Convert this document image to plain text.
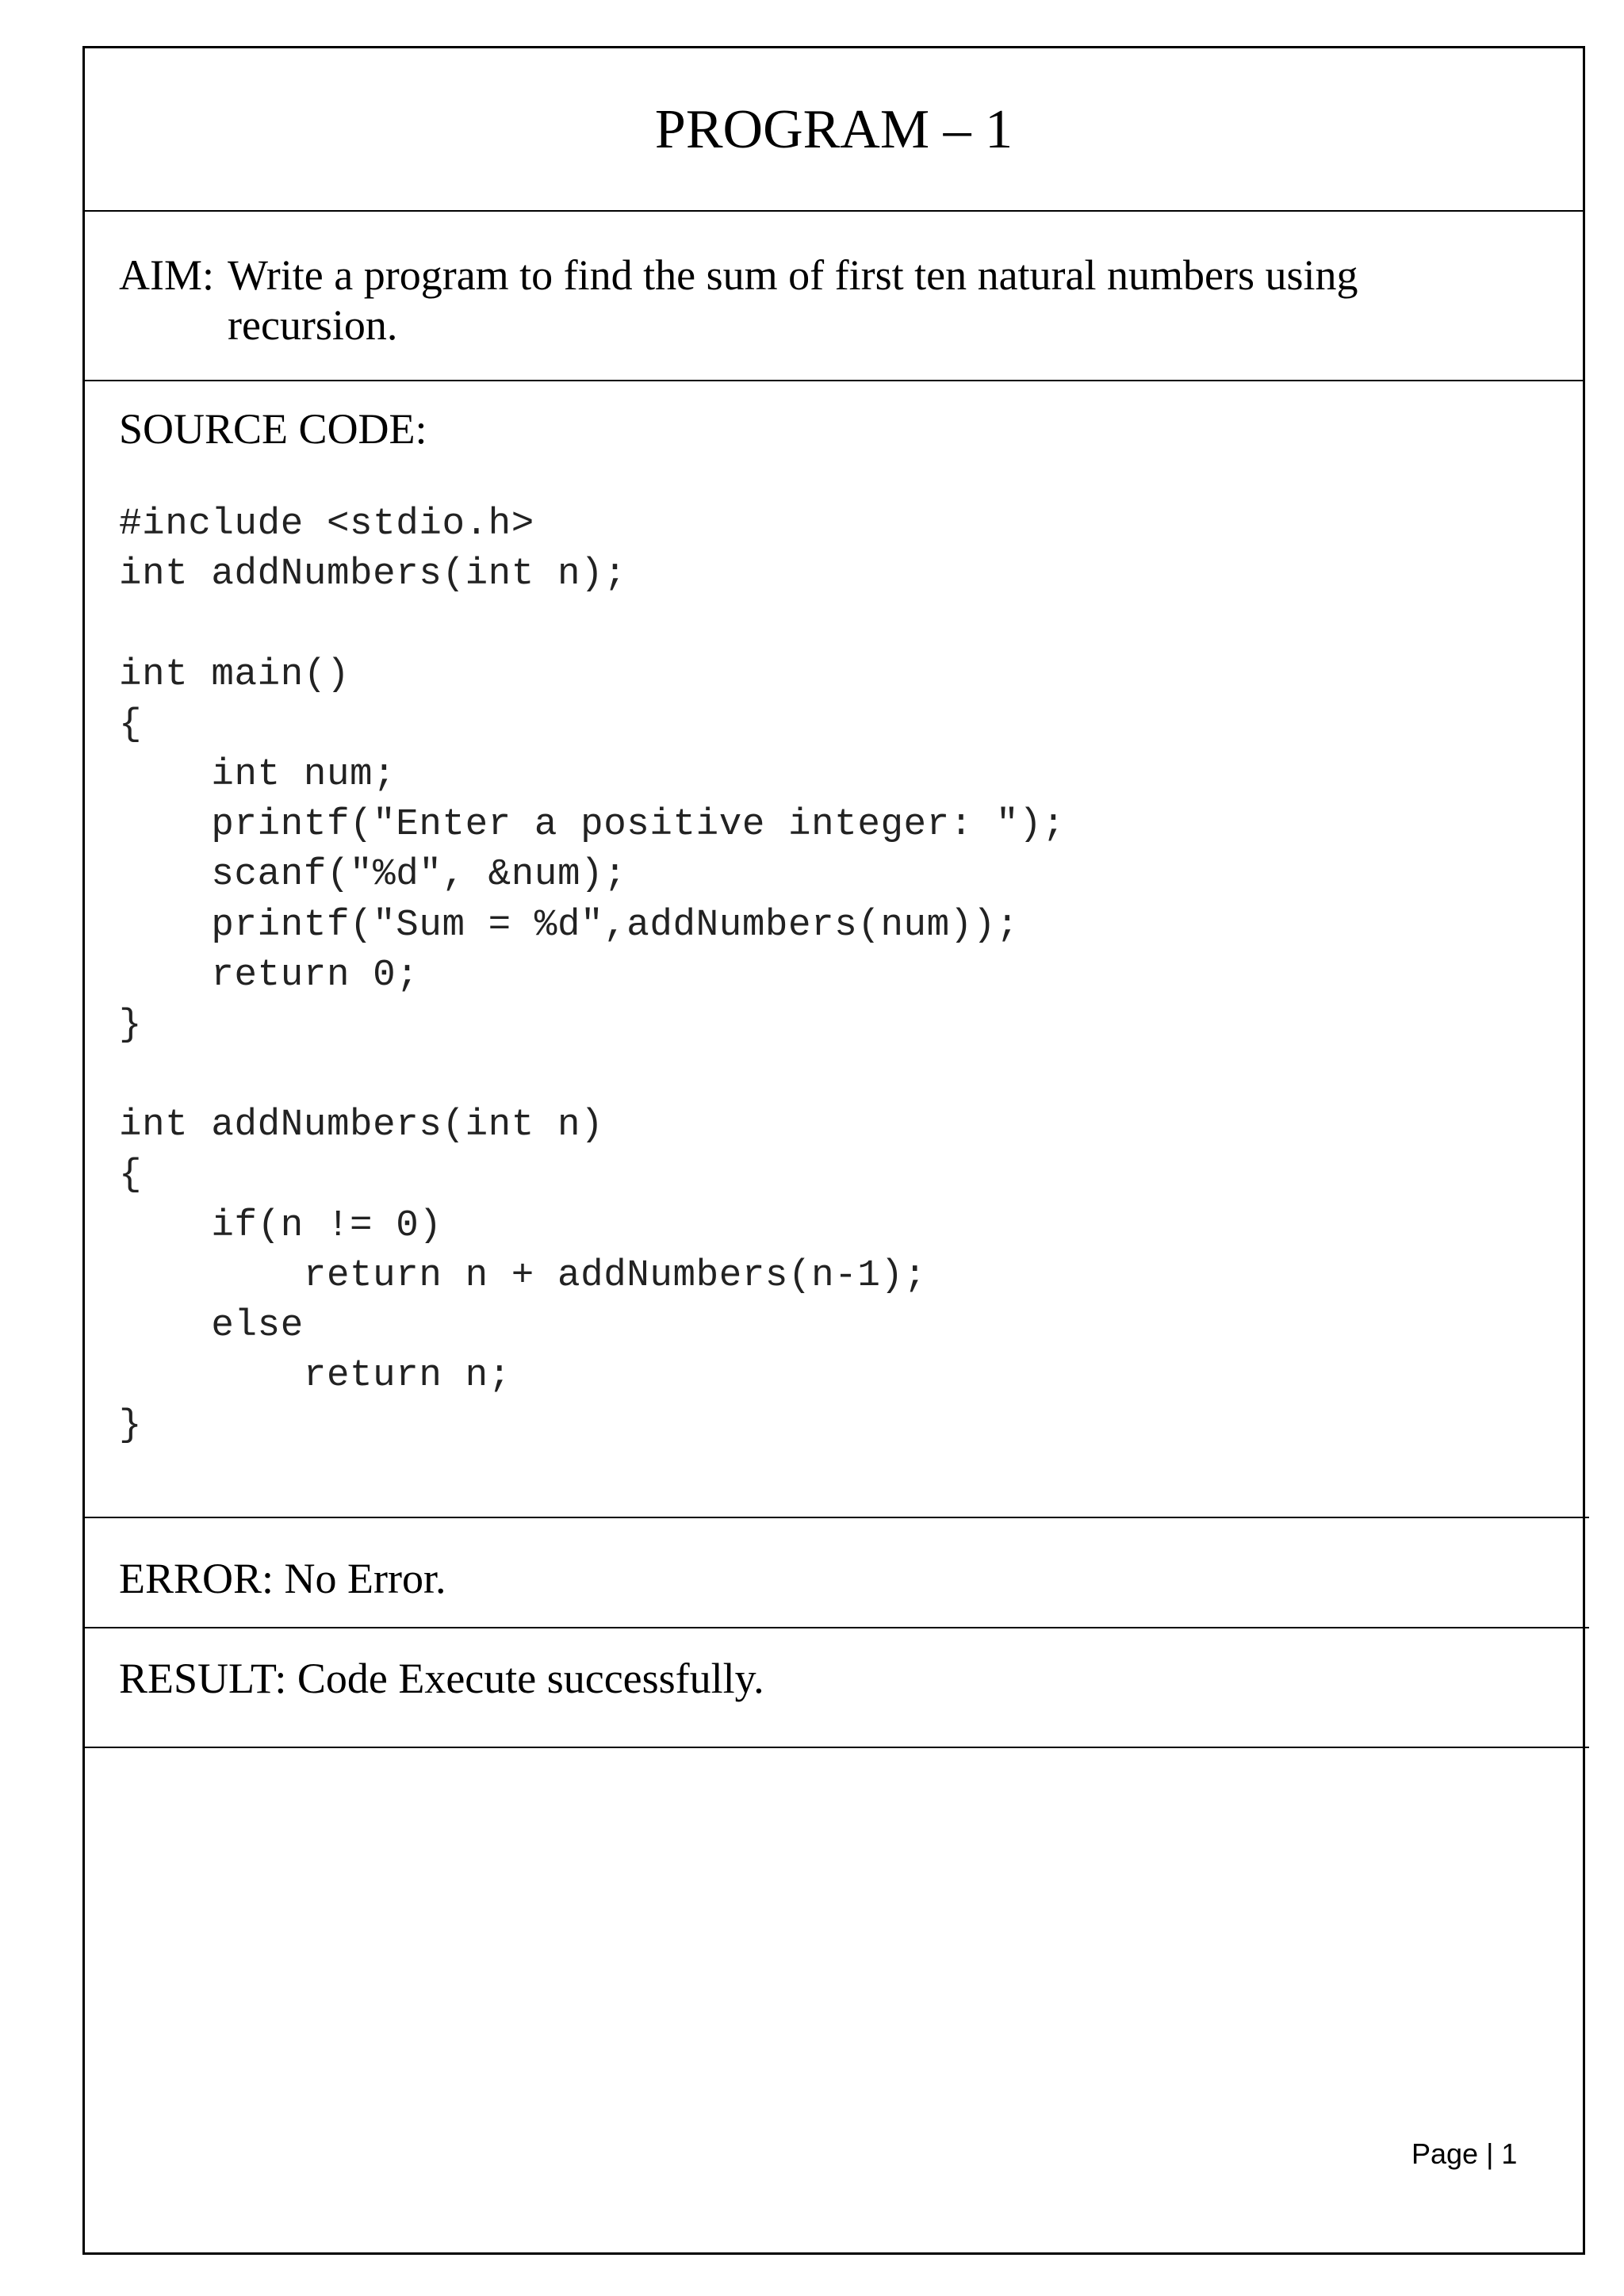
PROGRAM – 1
AIM: Write a program to find the sum of first ten natural numbers using
recursion.
SOURCE CODE:
#include <stdio.h>
int addNumbers(int n);
int main()
{
int num;
printf("Enter a positive integer: ");
scanf("%d", &num);
printf("Sum = %d",addNumbers(num));
return 0;
}
int addNumbers(int n)
{
if(n != 0)
return n + addNumbers(n-1);
else
return n;
}
ERROR: No Error.
RESULT: Code Execute successfully.
Page | 1
